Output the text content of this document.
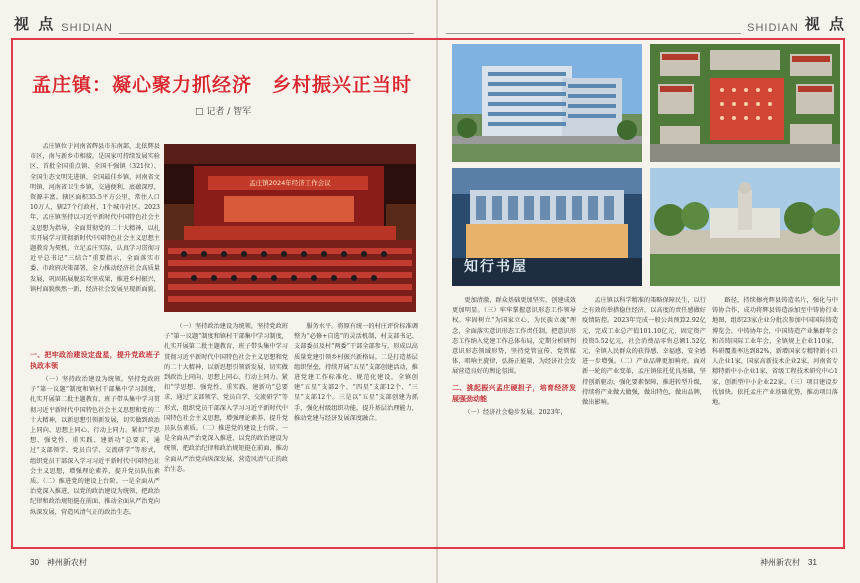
视 点 SHIDIAN	SHIDIAN 视 点
孟庄镇：凝心聚力抓经济　乡村振兴正当时
□ 记者 / 智军

孟庄镇位于河南省辉县市东南部，北依辉县市区，南与新乡市相接。是国家可持续发展实验区、首批全国重点镇、全国千强镇（321位）、全国生态文明先进镇、全国最佳乡镇、河南省文明镇、河南省卫生乡镇，交通便利，底蕴深厚，资源丰富。辖区面积35.5平方公里，常住人口10万人，辖27个行政村，1个城市社区。2023年，孟庄镇坚持以习近平新时代中国特色社会主义思想为指导，全面贯彻党的二十大精神，以扎实开展学习贯彻新时代中国特色社会主义思想主题教育为契机，立足孟庄实际，认真学习贯彻习近平总书记“三结合”重要指示，全面落实市委、市政府决策部署，全力推动经济社会高质量发展，巩固拓展脱贫攻坚成果，推进乡村振兴，镇村面貌焕然一新，经济社会发展呈现新面貌。

孟庄镇2024年经济工作会议
一、把牢政治建设定盘星，提升党政班子执政本领

（一）坚持政治建设为统领。坚持党政班子“第一议题”制度和镇村干部集中学习制度，扎实开展第二批主题教育，班子带头集中学习贯彻习近平新时代中国特色社会主义思想和党的二十大精神，以新思想引领新发展，切实做到政治上同向、思想上同心、行动上同力。紧扣“学思想、强党性、重实践、建新功”总要求，通过“支部领学、党员自学、交流研学”等形式，组织党员干部深入学习习近平新时代中国特色社会主义思想，增强理论素养，提升党员队伍素质。（二）推进党的建设上台阶。一是全面从严治党深入推进，以党的政治建设为统领，把政治纪律和政治规矩挺在前面，推动全面从严治党向纵深发展，营造风清气正的政治生态。

（一）坚持政治建设为统领。坚持党政班子“第一议题”制度和镇村干部集中学习制度，扎实开展第二批主题教育，班子带头集中学习贯彻习近平新时代中国特色社会主义思想和党的二十大精神，以新思想引领新发展，切实做到政治上同向、思想上同心、行动上同力。紧扣“学思想、强党性、重实践、建新功”总要求，通过“支部领学、党员自学、交流研学”等形式，组织党员干部深入学习习近平新时代中国特色社会主义思想，增强理论素养，提升党员队伍素质。（二）推进党的建设上台阶。一是全面从严治党深入推进，以党的政治建设为统领，把政治纪律和政治规矩挺在前面，推动全面从严治党向纵深发展，营造风清气正的政治生态。

服务水平。将原有统一的村庄评价标准调整为“必修+自选”的灵活机制，村支部书记、支部委员及村“两委”干部全部参与，形成以高质量党建引领乡村振兴新格局。二是打造基层组织堡垒，持续开展“五星”支部创建活动，推进党建工作标准化、规范化建设，全镇创建“五星”支部2个、“四星”支部12个、“三星”支部12个。三是以“五星”支部创建为抓手，强化村级组织功能，提升基层治理能力，推动党建与经济发展深度融合。

知行书屋

更加清澈，群众基础更加坚实，创建成效更加明显。（三）牢牢掌握意识形态工作领导权。牢固树立“为国家立心、为民族立魂”理念，全面落实意识形态工作责任制，把意识形态工作纳入党建工作总体布局，定期分析研判意识形态领域形势，坚持党管宣传、党管媒体，唱响主旋律，弘扬正能量，为经济社会发展营造良好的舆论氛围。

二、挑起振兴孟庄硬担子，培育经济发展强劲动能

（一）经济社会稳步发展。2023年，

孟庄镇以科学精准的策略保障民生，以行之有效的举措稳住经济，以高度的责任感做好疫情防控。2023年完成一般公共预算2.92亿元，完成工业总产值101.10亿元，固定资产投资5.52亿元，社会消费品零售总额1.52亿元，全镇人民群众的获得感、幸福感、安全感进一步增强。（二）产业品牌更加响亮。面对新一轮的产业变革，孟庄镇依托优良基础，坚持创新驱动，强化要素保障，推进转型升级，持续将产业做大做强，做出特色，做出品牌，做出影响。

路径，持续擦亮辉县铸造名片，强化与中铸协合作，成功将辉县铸造添加至中铸协行业地图，组织23家企业分批次参加中国国际铸造博览会，中铸协年会，中国铸造产业集群年会和首铸国际工业年会，全镇规上企业110家，科研覆盖率达到82%，新增国家专精特新小巨人企业1家，国家高新技术企业2家，河南省专精特新中小企业1家，省级工程技术研究中心1家，创新型中小企业22家。（三）项目建设步伐加快。依托孟庄产业基础优势，推动项目落地。

30　神州新农村	神州新农村　31
